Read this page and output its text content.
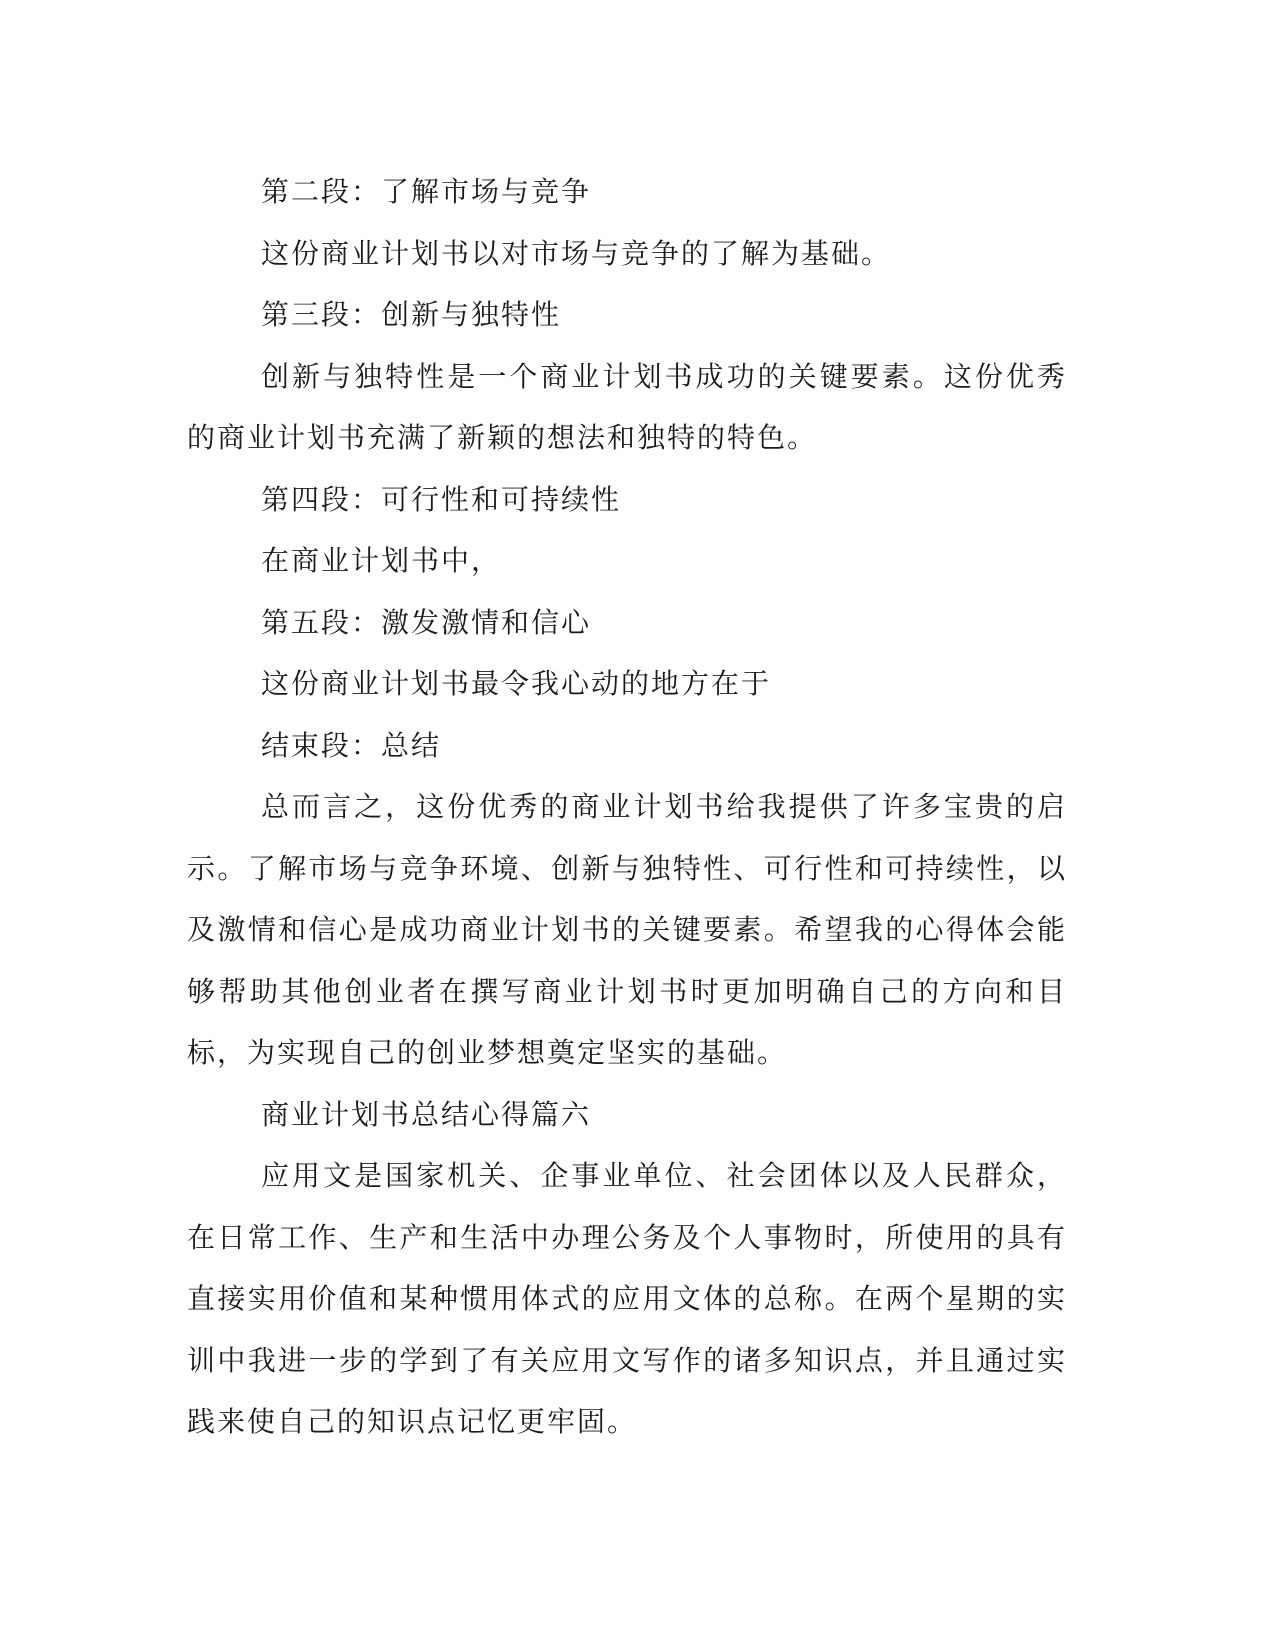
第二段：了解市场与竞争

这份商业计划书以对市场与竞争的了解为基础。

第三段：创新与独特性

创新与独特性是一个商业计划书成功的关键要素。这份优秀的商业计划书充满了新颖的想法和独特的特色。

第四段：可行性和可持续性

在商业计划书中，

第五段：激发激情和信心

这份商业计划书最令我心动的地方在于

结束段：总结

总而言之，这份优秀的商业计划书给我提供了许多宝贵的启示。了解市场与竞争环境、创新与独特性、可行性和可持续性，以及激情和信心是成功商业计划书的关键要素。希望我的心得体会能够帮助其他创业者在撰写商业计划书时更加明确自己的方向和目标，为实现自己的创业梦想奠定坚实的基础。

商业计划书总结心得篇六

应用文是国家机关、企事业单位、社会团体以及人民群众，在日常工作、生产和生活中办理公务及个人事物时，所使用的具有直接实用价值和某种惯用体式的应用文体的总称。在两个星期的实训中我进一步的学到了有关应用文写作的诸多知识点，并且通过实践来使自己的知识点记忆更牢固。
